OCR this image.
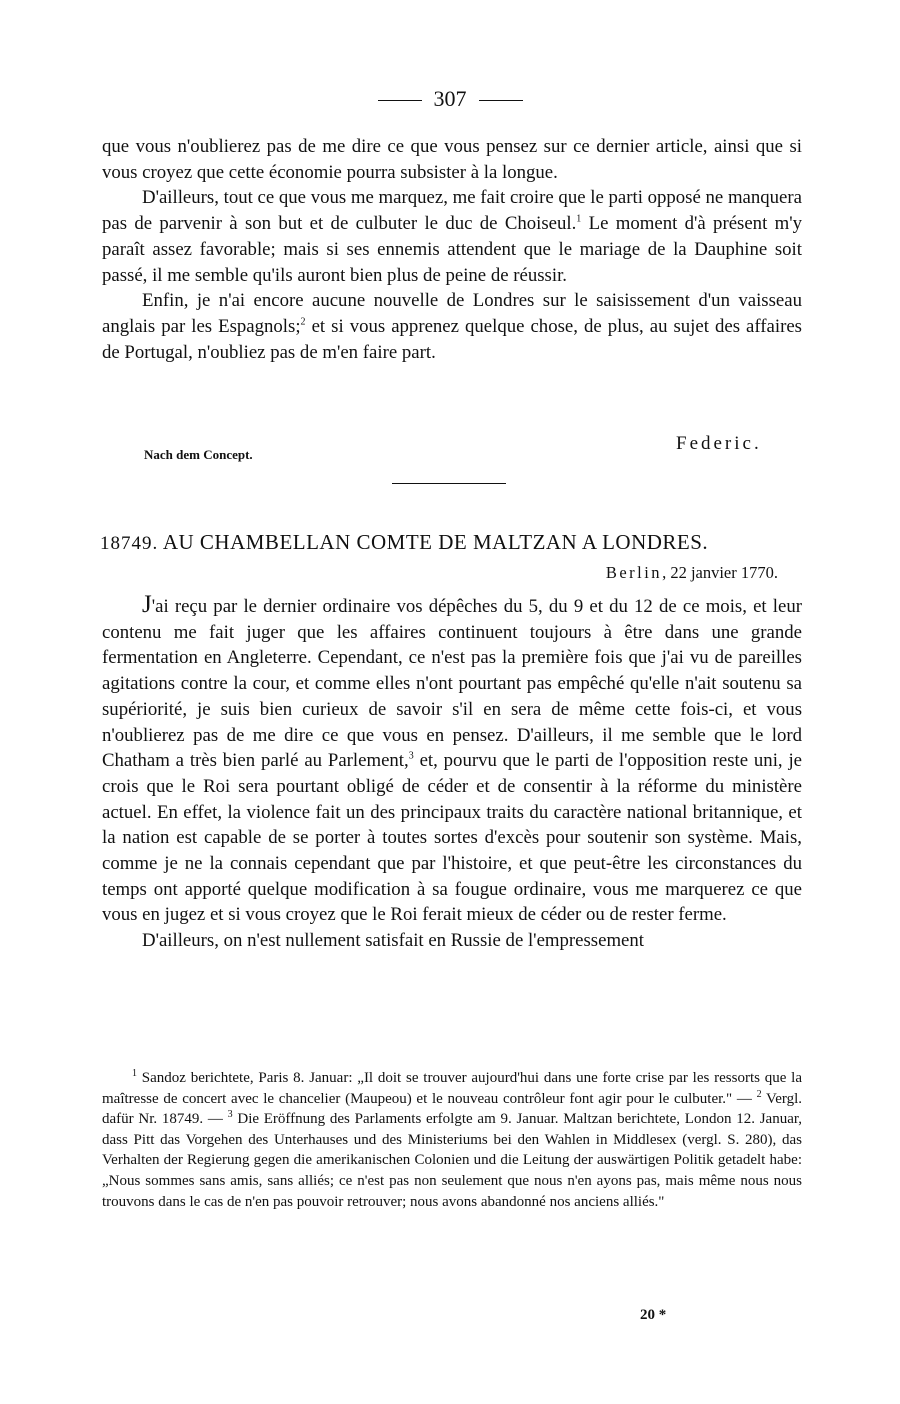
307

que vous n'oublierez pas de me dire ce que vous pensez sur ce dernier article, ainsi que si vous croyez que cette économie pourra subsister à la longue.

D'ailleurs, tout ce que vous me marquez, me fait croire que le parti opposé ne manquera pas de parvenir à son but et de culbuter le duc de Choiseul.$^1$ Le moment d'à présent m'y paraît assez favorable; mais si ses ennemis attendent que le mariage de la Dauphine soit passé, il me semble qu'ils auront bien plus de peine de réussir.

Enfin, je n'ai encore aucune nouvelle de Londres sur le saisissement d'un vaisseau anglais par les Espagnols;$^2$ et si vous apprenez quelque chose, de plus, au sujet des affaires de Portugal, n'oubliez pas de m'en faire part.

Federic.
Nach dem Concept.
18749. AU CHAMBELLAN COMTE DE MALTZAN A LONDRES.
Berlin, 22 janvier 1770.

J'ai reçu par le dernier ordinaire vos dépêches du 5, du 9 et du 12 de ce mois, et leur contenu me fait juger que les affaires continuent toujours à être dans une grande fermentation en Angleterre. Cependant, ce n'est pas la première fois que j'ai vu de pareilles agitations contre la cour, et comme elles n'ont pourtant pas empêché qu'elle n'ait soutenu sa supériorité, je suis bien curieux de savoir s'il en sera de même cette fois-ci, et vous n'oublierez pas de me dire ce que vous en pensez. D'ailleurs, il me semble que le lord Chatham a très bien parlé au Parlement,$^3$ et, pourvu que le parti de l'opposition reste uni, je crois que le Roi sera pourtant obligé de céder et de consentir à la réforme du ministère actuel. En effet, la violence fait un des principaux traits du caractère national britannique, et la nation est capable de se porter à toutes sortes d'excès pour soutenir son système. Mais, comme je ne la connais cependant que par l'histoire, et que peut-être les circonstances du temps ont apporté quelque modification à sa fougue ordinaire, vous me marquerez ce que vous en jugez et si vous croyez que le Roi ferait mieux de céder ou de rester ferme.

D'ailleurs, on n'est nullement satisfait en Russie de l'empressement

$^1$ Sandoz berichtete, Paris 8. Januar: „Il doit se trouver aujourd'hui dans une forte crise par les ressorts que la maîtresse de concert avec le chancelier (Maupeou) et le nouveau contrôleur font agir pour le culbuter." — $^2$ Vergl. dafür Nr. 18749. — $^3$ Die Eröffnung des Parlaments erfolgte am 9. Januar. Maltzan berichtete, London 12. Januar, dass Pitt das Vorgehen des Unterhauses und des Ministeriums bei den Wahlen in Middlesex (vergl. S. 280), das Verhalten der Regierung gegen die amerikanischen Colonien und die Leitung der auswärtigen Politik getadelt habe: „Nous sommes sans amis, sans alliés; ce n'est pas non seulement que nous n'en ayons pas, mais même nous nous trouvons dans le cas de n'en pas pouvoir retrouver; nous avons abandonné nos anciens alliés."

20 *
